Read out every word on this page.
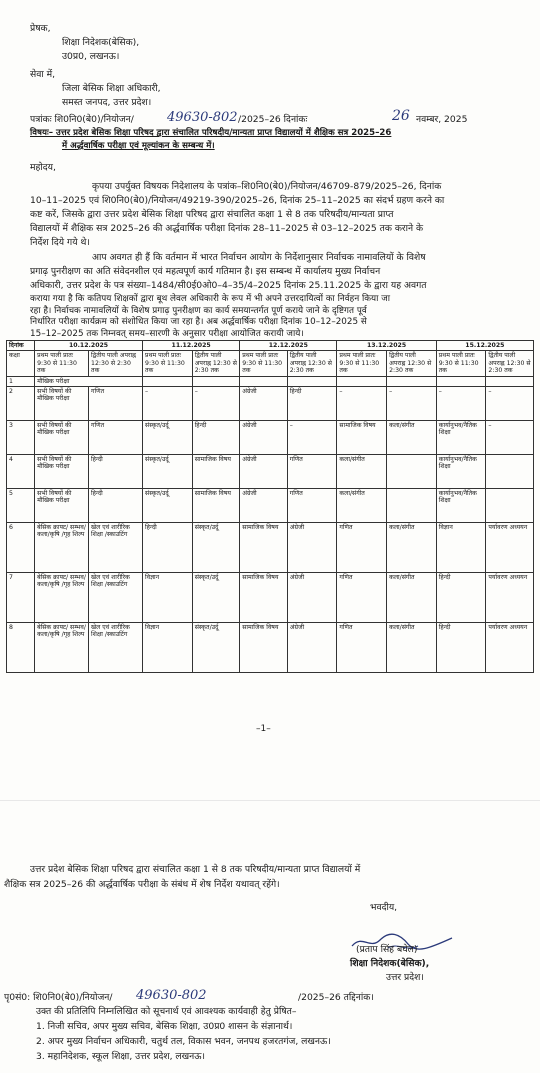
प्रेषक,
शिक्षा निदेशक(बेसिक),
उ0प्र0, लखनऊ।
सेवा में,
जिला बेसिक शिक्षा अधिकारी,
समस्त जनपद, उत्तर प्रदेश।
पत्रांकः शि0नि0(बे0)/नियोजन/	49630-802 /2025–26 दिनांकः	26 नवम्बर, 2025
विषयः– उत्तर प्रदेश बेसिक शिक्षा परिषद द्वारा संचालित परिषदीय/मान्यता प्राप्त विद्यालयों में शैक्षिक सत्र 2025–26
में अर्द्धवार्षिक परीक्षा एवं मूल्यांकन के सम्बन्ध में।
महोदय,
कृपया उपर्युक्त विषयक निदेशालय के पत्रांक–शि0नि0(बे0)/नियोजन/46709-879/2025–26, दिनांक
10–11–2025 एवं शि0नि0(बे0)/नियोजन/49219-390/2025–26, दिनांक 25–11–2025 का संदर्भ ग्रहण करने का
कष्ट करें, जिसके द्वारा उत्तर प्रदेश बेसिक शिक्षा परिषद द्वारा संचालित कक्षा 1 से 8 तक परिषदीय/मान्यता प्राप्त
विद्यालयों में शैक्षिक सत्र 2025–26 की अर्द्धवार्षिक परीक्षा दिनांक 28–11–2025 से 03–12–2025 तक कराने के
निर्देश दिये गये थे।
आप अवगत ही हैं कि वर्तमान में भारत निर्वाचन आयोग के निर्देशानुसार निर्वाचक नामावलियों के विशेष
प्रगाढ़ पुनरीक्षण का अति संवेदनशील एवं महत्वपूर्ण कार्य गतिमान है। इस सम्बन्ध में कार्यालय मुख्य निर्वाचन
अधिकारी, उत्तर प्रदेश के पत्र संख्या–1484/सी0ई0ओ0–4–35/4–2025 दिनांक 25.11.2025 के द्वारा यह अवगत
दिनांक	10.12.2025		11.12.2025		12.12.2025		13.12.2025		15.12.2025	
कक्षा	प्रथम पाली प्रातः 9:30 से 11:30 तक	द्वितीय पाली अपराह्न 12:30 से 2:30 तक	प्रथम पाली प्रातः 9:30 से 11:30 तक	द्वितीय पाली अपराह्न 12:30 से 2:30 तक	प्रथम पाली प्रातः 9:30 से 11:30 तक	द्वितीय पाली अपराह्न 12:30 से 2:30 तक	प्रथम पाली प्रातः 9:30 से 11:30 तक	द्वितीय पाली अपराह्न 12:30 से 2:30 तक	प्रथम पाली प्रातः 9:30 से 11:30 तक	द्वितीय पाली अपराह्न 12:30 से 2:30 तक
1	मौखिक परीक्षा									
2	सभी विषयों की मौखिक परीक्षा	गणित	–	–	अंग्रेजी	हिन्दी	–	–	–	–
3	सभी विषयों की मौखिक परीक्षा	गणित	संस्कृत/उर्दू	हिन्दी	अंग्रेजी	–	सामाजिक विषय	कला/संगीत	कार्यानुभव/नैतिक शिक्षा	–
4	सभी विषयों की मौखिक परीक्षा	हिन्दी	संस्कृत/उर्दू	सामाजिक विषय	अंग्रेजी	गणित	कला/संगीत		कार्यानुभव/नैतिक शिक्षा	
5	सभी विषयों की मौखिक परीक्षा	हिन्दी	संस्कृत/उर्दू	सामाजिक विषय	अंग्रेजी	गणित	कला/संगीत		कार्यानुभव/नैतिक शिक्षा	
6	बेसिक क्राफ्ट/ सम्भव/ कला/कृषि /गृह शिल्प	खेल एवं शारीरिक शिक्षा /स्काउटिंग	हिन्दी	संस्कृत/उर्दू	सामाजिक विषय	अंग्रेजी	गणित	कला/संगीत	विज्ञान	पर्यावरण अध्ययन
7	बेसिक क्राफ्ट/ सम्भव/ कला/कृषि /गृह शिल्प	खेल एवं शारीरिक शिक्षा /स्काउटिंग	विज्ञान	संस्कृत/उर्दू	सामाजिक विषय	अंग्रेजी	गणित	कला/संगीत	हिन्दी	पर्यावरण अध्ययन
8	बेसिक क्राफ्ट/ सम्भव/ कला/कृषि /गृह शिल्प	खेल एवं शारीरिक शिक्षा /स्काउटिंग	विज्ञान	संस्कृत/उर्दू	सामाजिक विषय	अंग्रेजी	गणित	कला/संगीत	हिन्दी	पर्यावरण अध्ययन
–1–
उत्तर प्रदेश बेसिक शिक्षा परिषद द्वारा संचालित कक्षा 1 से 8 तक परिषदीय/मान्यता प्राप्त विद्यालयों में
शैक्षिक सत्र 2025–26 की अर्द्धवार्षिक परीक्षा के संबंध में शेष निर्देश यथावत् रहेंगे।
भवदीय,
(प्रताप सिंह बघेल)
शिक्षा निदेशक(बेसिक),
उत्तर प्रदेश।
पृ0सं0: शि0नि0(बे0)/नियोजन/ 49630-802	/2025–26 तद्दिनांक।
उक्त की प्रतिलिपि निम्नलिखित को सूचनार्थ एवं आवश्यक कार्यवाही हेतु प्रेषित–
1. निजी सचिव, अपर मुख्य सचिव, बेसिक शिक्षा, उ0प्र0 शासन के संज्ञानार्थ।
2. अपर मुख्य निर्वाचन अधिकारी, चतुर्थ तल, विकास भवन, जनपथ हजरतगंज, लखनऊ।
3. महानिदेशक, स्कूल शिक्षा, उत्तर प्रदेश, लखनऊ।
कराया गया है कि कतिपय शिक्षकों द्वारा बूथ लेवल अधिकारी के रूप में भी अपने उत्तरदायित्वों का निर्वहन किया जा
रहा है। निर्वाचक नामावलियों के विशेष प्रगाढ़ पुनरीक्षण का कार्य समयान्तर्गत पूर्ण कराये जाने के दृष्टिगत पूर्व
निर्धारित परीक्षा कार्यक्रम को संशोधित किया जा रहा है। अब अर्द्धवार्षिक परीक्षा दिनांक 10–12–2025 से
15–12–2025 तक निम्नवत् समय–सारणी के अनुसार परीक्षा आयोजित करायी जाये।
